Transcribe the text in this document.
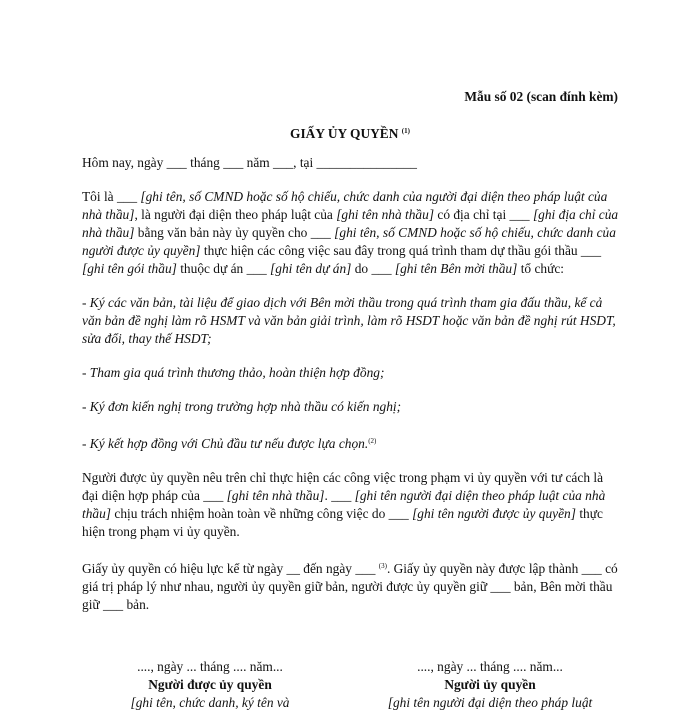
Mẫu số 02 (scan đính kèm)
GIẤY ỦY QUYỀN $^{(1)}$

Hôm nay, ngày ___ tháng ___ năm ___, tại _______________

Tôi là ___ [ghi tên, số CMND hoặc số hộ chiếu, chức danh của người đại diện theo pháp luật của nhà thầu], là người đại diện theo pháp luật của [ghi tên nhà thầu] có địa chỉ tại ___ [ghi địa chỉ của nhà thầu] bằng văn bản này ủy quyền cho ___ [ghi tên, số CMND hoặc số hộ chiếu, chức danh của người được ủy quyền] thực hiện các công việc sau đây trong quá trình tham dự thầu gói thầu ___ [ghi tên gói thầu] thuộc dự án ___ [ghi tên dự án] do ___ [ghi tên Bên mời thầu] tổ chức:

- Ký các văn bản, tài liệu để giao dịch với Bên mời thầu trong quá trình tham gia đấu thầu, kể cả văn bản đề nghị làm rõ HSMT và văn bản giải trình, làm rõ HSDT hoặc văn bản đề nghị rút HSDT, sửa đổi, thay thế HSDT;

- Tham gia quá trình thương thảo, hoàn thiện hợp đồng;

- Ký đơn kiến nghị trong trường hợp nhà thầu có kiến nghị;

- Ký kết hợp đồng với Chủ đầu tư nếu được lựa chọn.$^{(2)}$

Người được ủy quyền nêu trên chỉ thực hiện các công việc trong phạm vi ủy quyền với tư cách là đại diện hợp pháp của ___ [ghi tên nhà thầu]. ___ [ghi tên người đại diện theo pháp luật của nhà thầu] chịu trách nhiệm hoàn toàn về những công việc do ___ [ghi tên người được ủy quyền] thực hiện trong phạm vi ủy quyền.

Giấy ủy quyền có hiệu lực kể từ ngày __ đến ngày ___ $^{(3)}$. Giấy ủy quyền này được lập thành ___ có giá trị pháp lý như nhau, người ủy quyền giữ bản, người được ủy quyền giữ ___ bản, Bên mời thầu giữ ___ bản.

...., ngày ... tháng .... năm...
Người được ủy quyền
[ghi tên, chức danh, ký tên và
...., ngày ... tháng .... năm...
Người ủy quyền
[ghi tên người đại diện theo pháp luật
